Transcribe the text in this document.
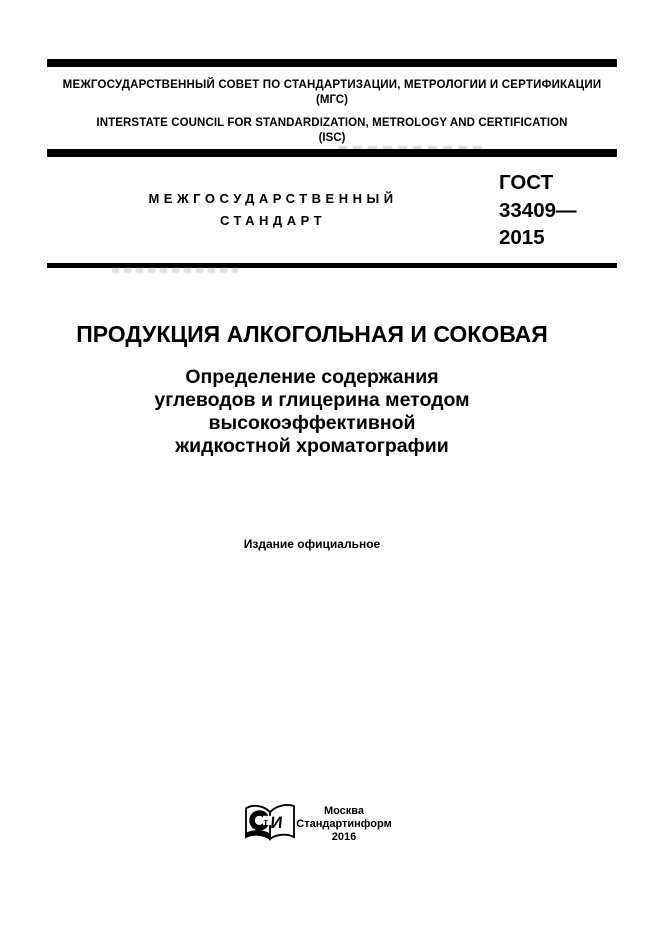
МЕЖГОСУДАРСТВЕННЫЙ СОВЕТ ПО СТАНДАРТИЗАЦИИ, МЕТРОЛОГИИ И СЕРТИФИКАЦИИ
(МГС)
INTERSTATE COUNCIL FOR STANDARDIZATION, METROLOGY AND CERTIFICATION
(ISC)
МЕЖГОСУДАРСТВЕННЫЙ
СТАНДАРТ
ГОСТ
33409—
2015
ПРОДУКЦИЯ АЛКОГОЛЬНАЯ И СОКОВАЯ
Определение содержания
углеводов и глицерина методом
высокоэффективной
жидкостной хроматографии
Издание официальное
т И
Москва
Стандартинформ
2016
